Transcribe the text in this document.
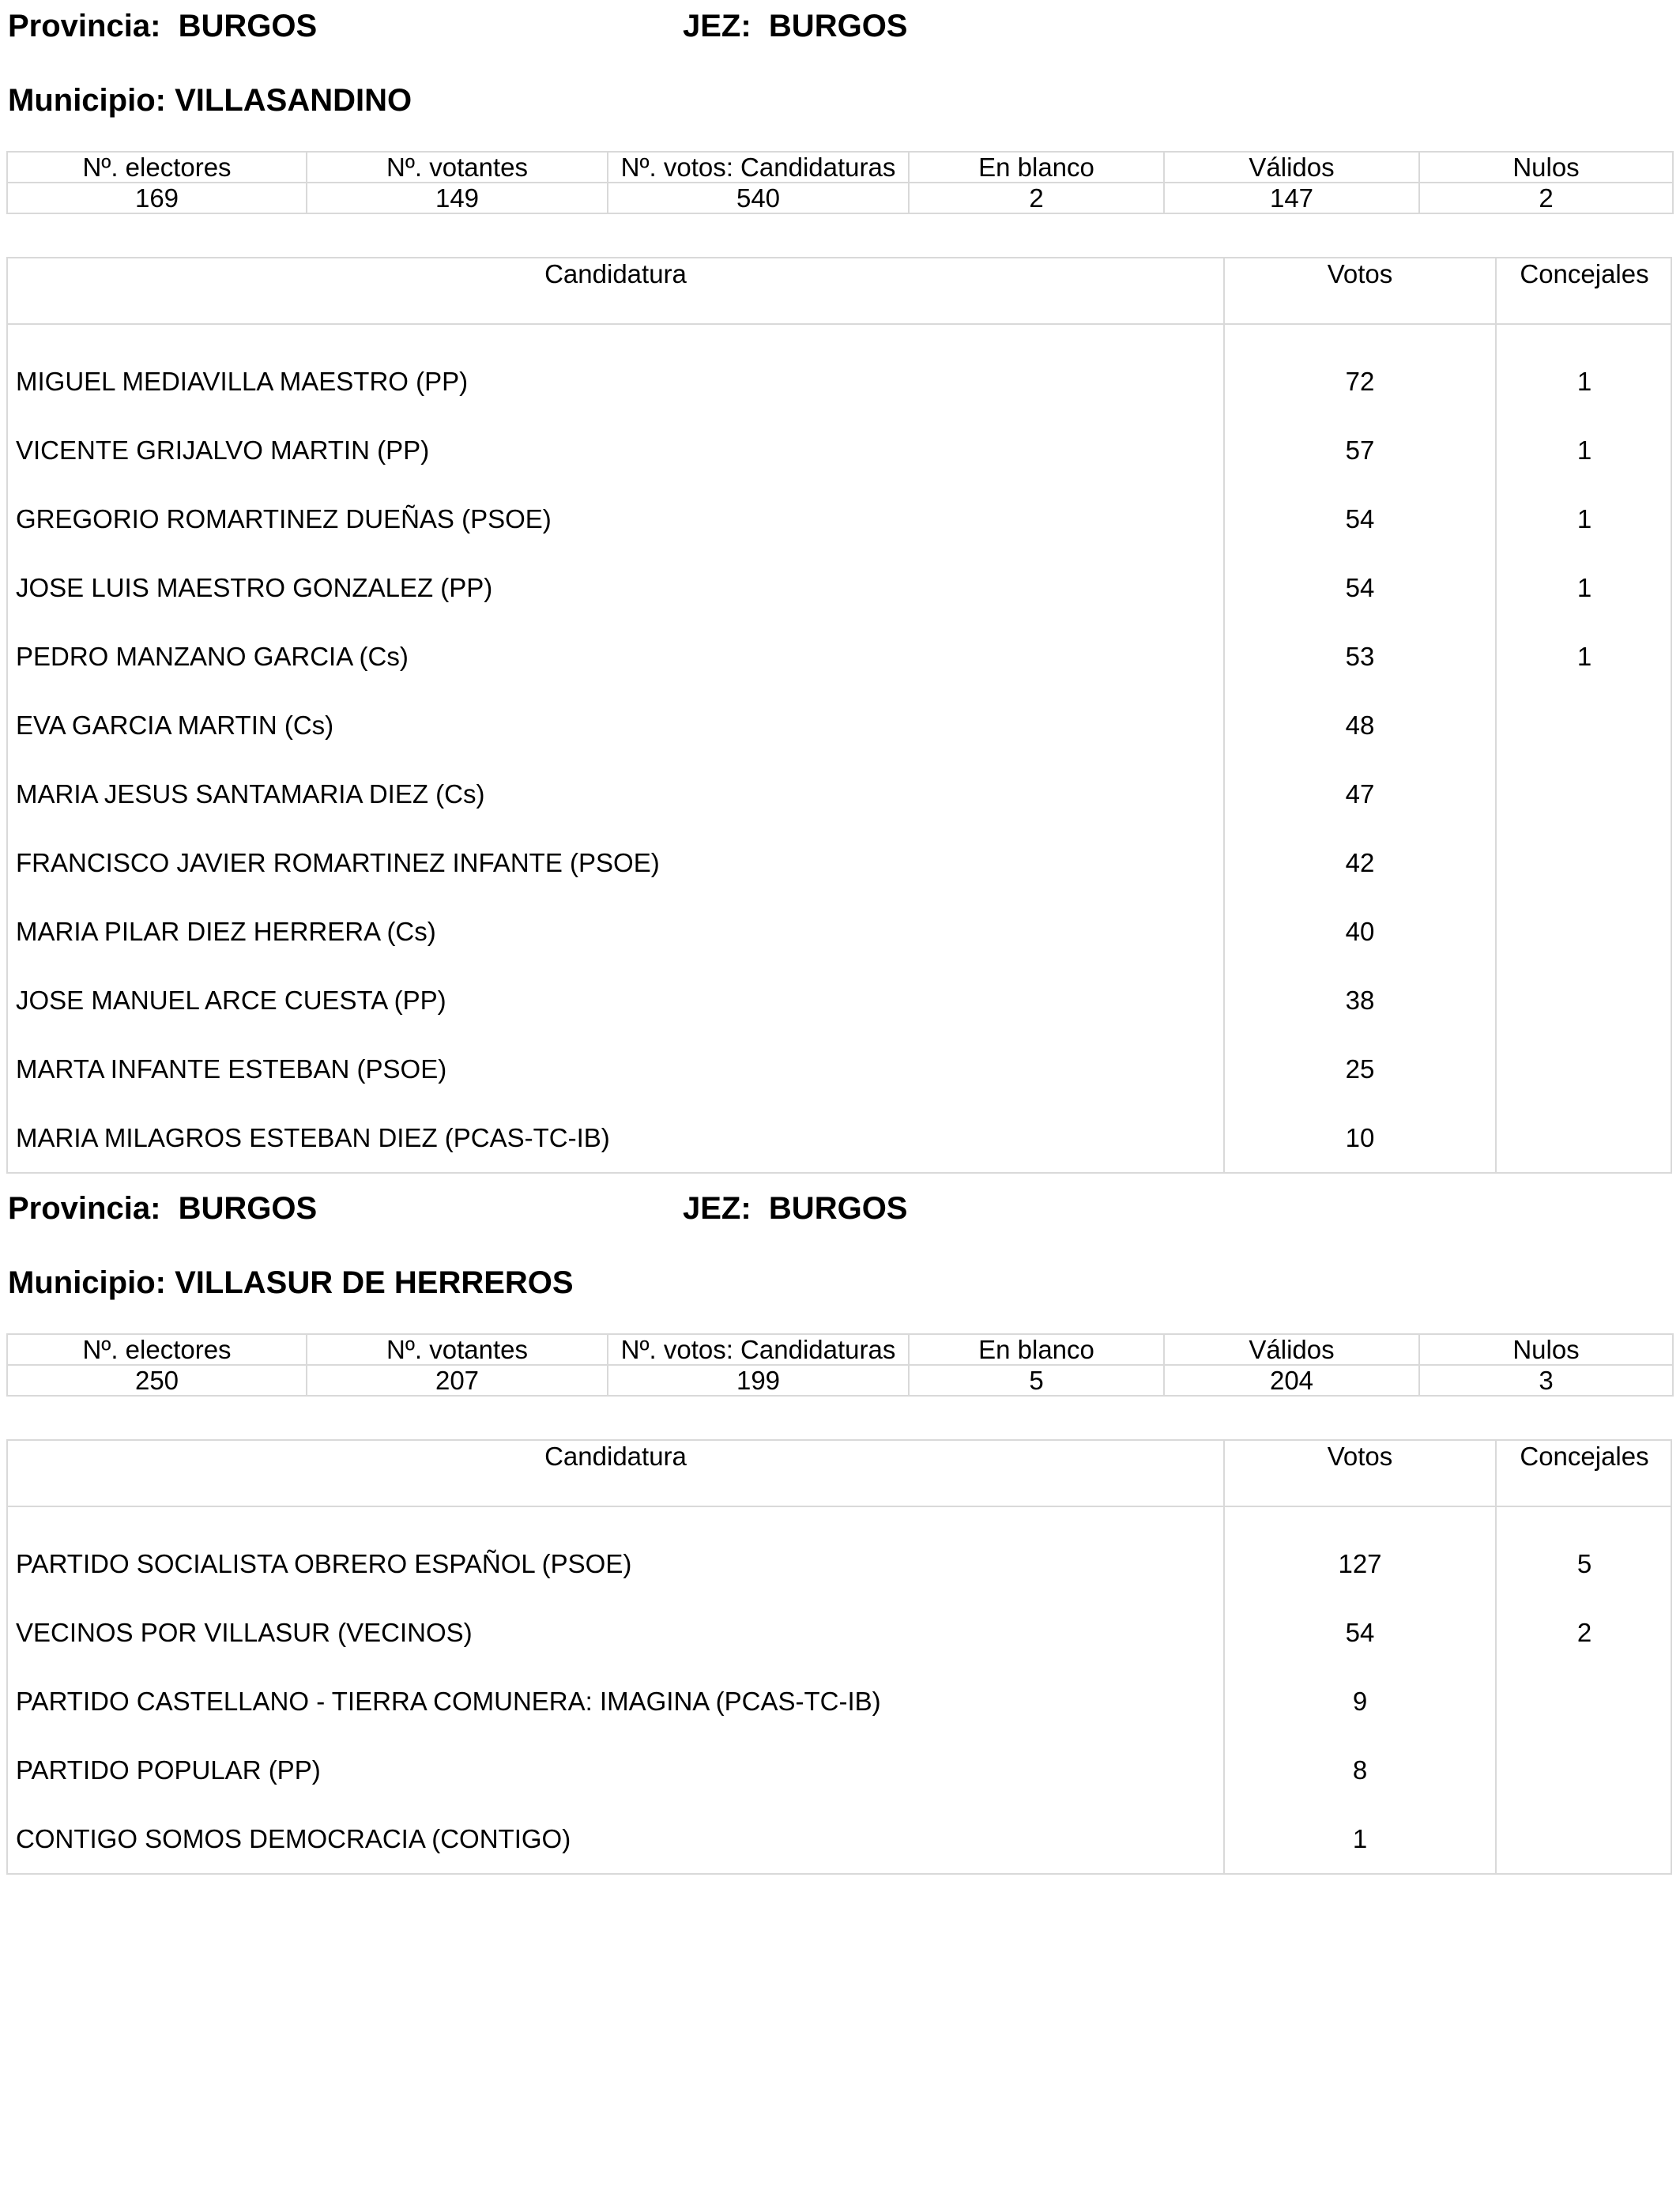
Provincia: BURGOS	JEZ: BURGOS
Municipio: VILLASANDINO
Nº. electores	Nº. votantes	Nº. votos: Candidaturas	En blanco	Válidos	Nulos
169	149	540	2	147	2
Candidatura	Votos	Concejales
MIGUEL MEDIAVILLA MAESTRO (PP)	72	1
VICENTE GRIJALVO MARTIN (PP)	57	1
GREGORIO ROMARTINEZ DUEÑAS (PSOE)	54	1
JOSE LUIS MAESTRO GONZALEZ (PP)	54	1
PEDRO MANZANO GARCIA (Cs)	53	1
EVA GARCIA MARTIN (Cs)	48
MARIA JESUS SANTAMARIA DIEZ (Cs)	47
FRANCISCO JAVIER ROMARTINEZ INFANTE (PSOE)	42
MARIA PILAR DIEZ HERRERA (Cs)	40
JOSE MANUEL ARCE CUESTA (PP)	38
MARTA INFANTE ESTEBAN (PSOE)	25
MARIA MILAGROS ESTEBAN DIEZ (PCAS-TC-IB)	10
Provincia: BURGOS	JEZ: BURGOS
Municipio: VILLASUR DE HERREROS
Nº. electores	Nº. votantes	Nº. votos: Candidaturas	En blanco	Válidos	Nulos
250	207	199	5	204	3
Candidatura	Votos	Concejales
PARTIDO SOCIALISTA OBRERO ESPAÑOL (PSOE)	127	5
VECINOS POR VILLASUR (VECINOS)	54	2
PARTIDO CASTELLANO - TIERRA COMUNERA: IMAGINA (PCAS-TC-IB)	9
PARTIDO POPULAR (PP)	8
CONTIGO SOMOS DEMOCRACIA (CONTIGO)	1
